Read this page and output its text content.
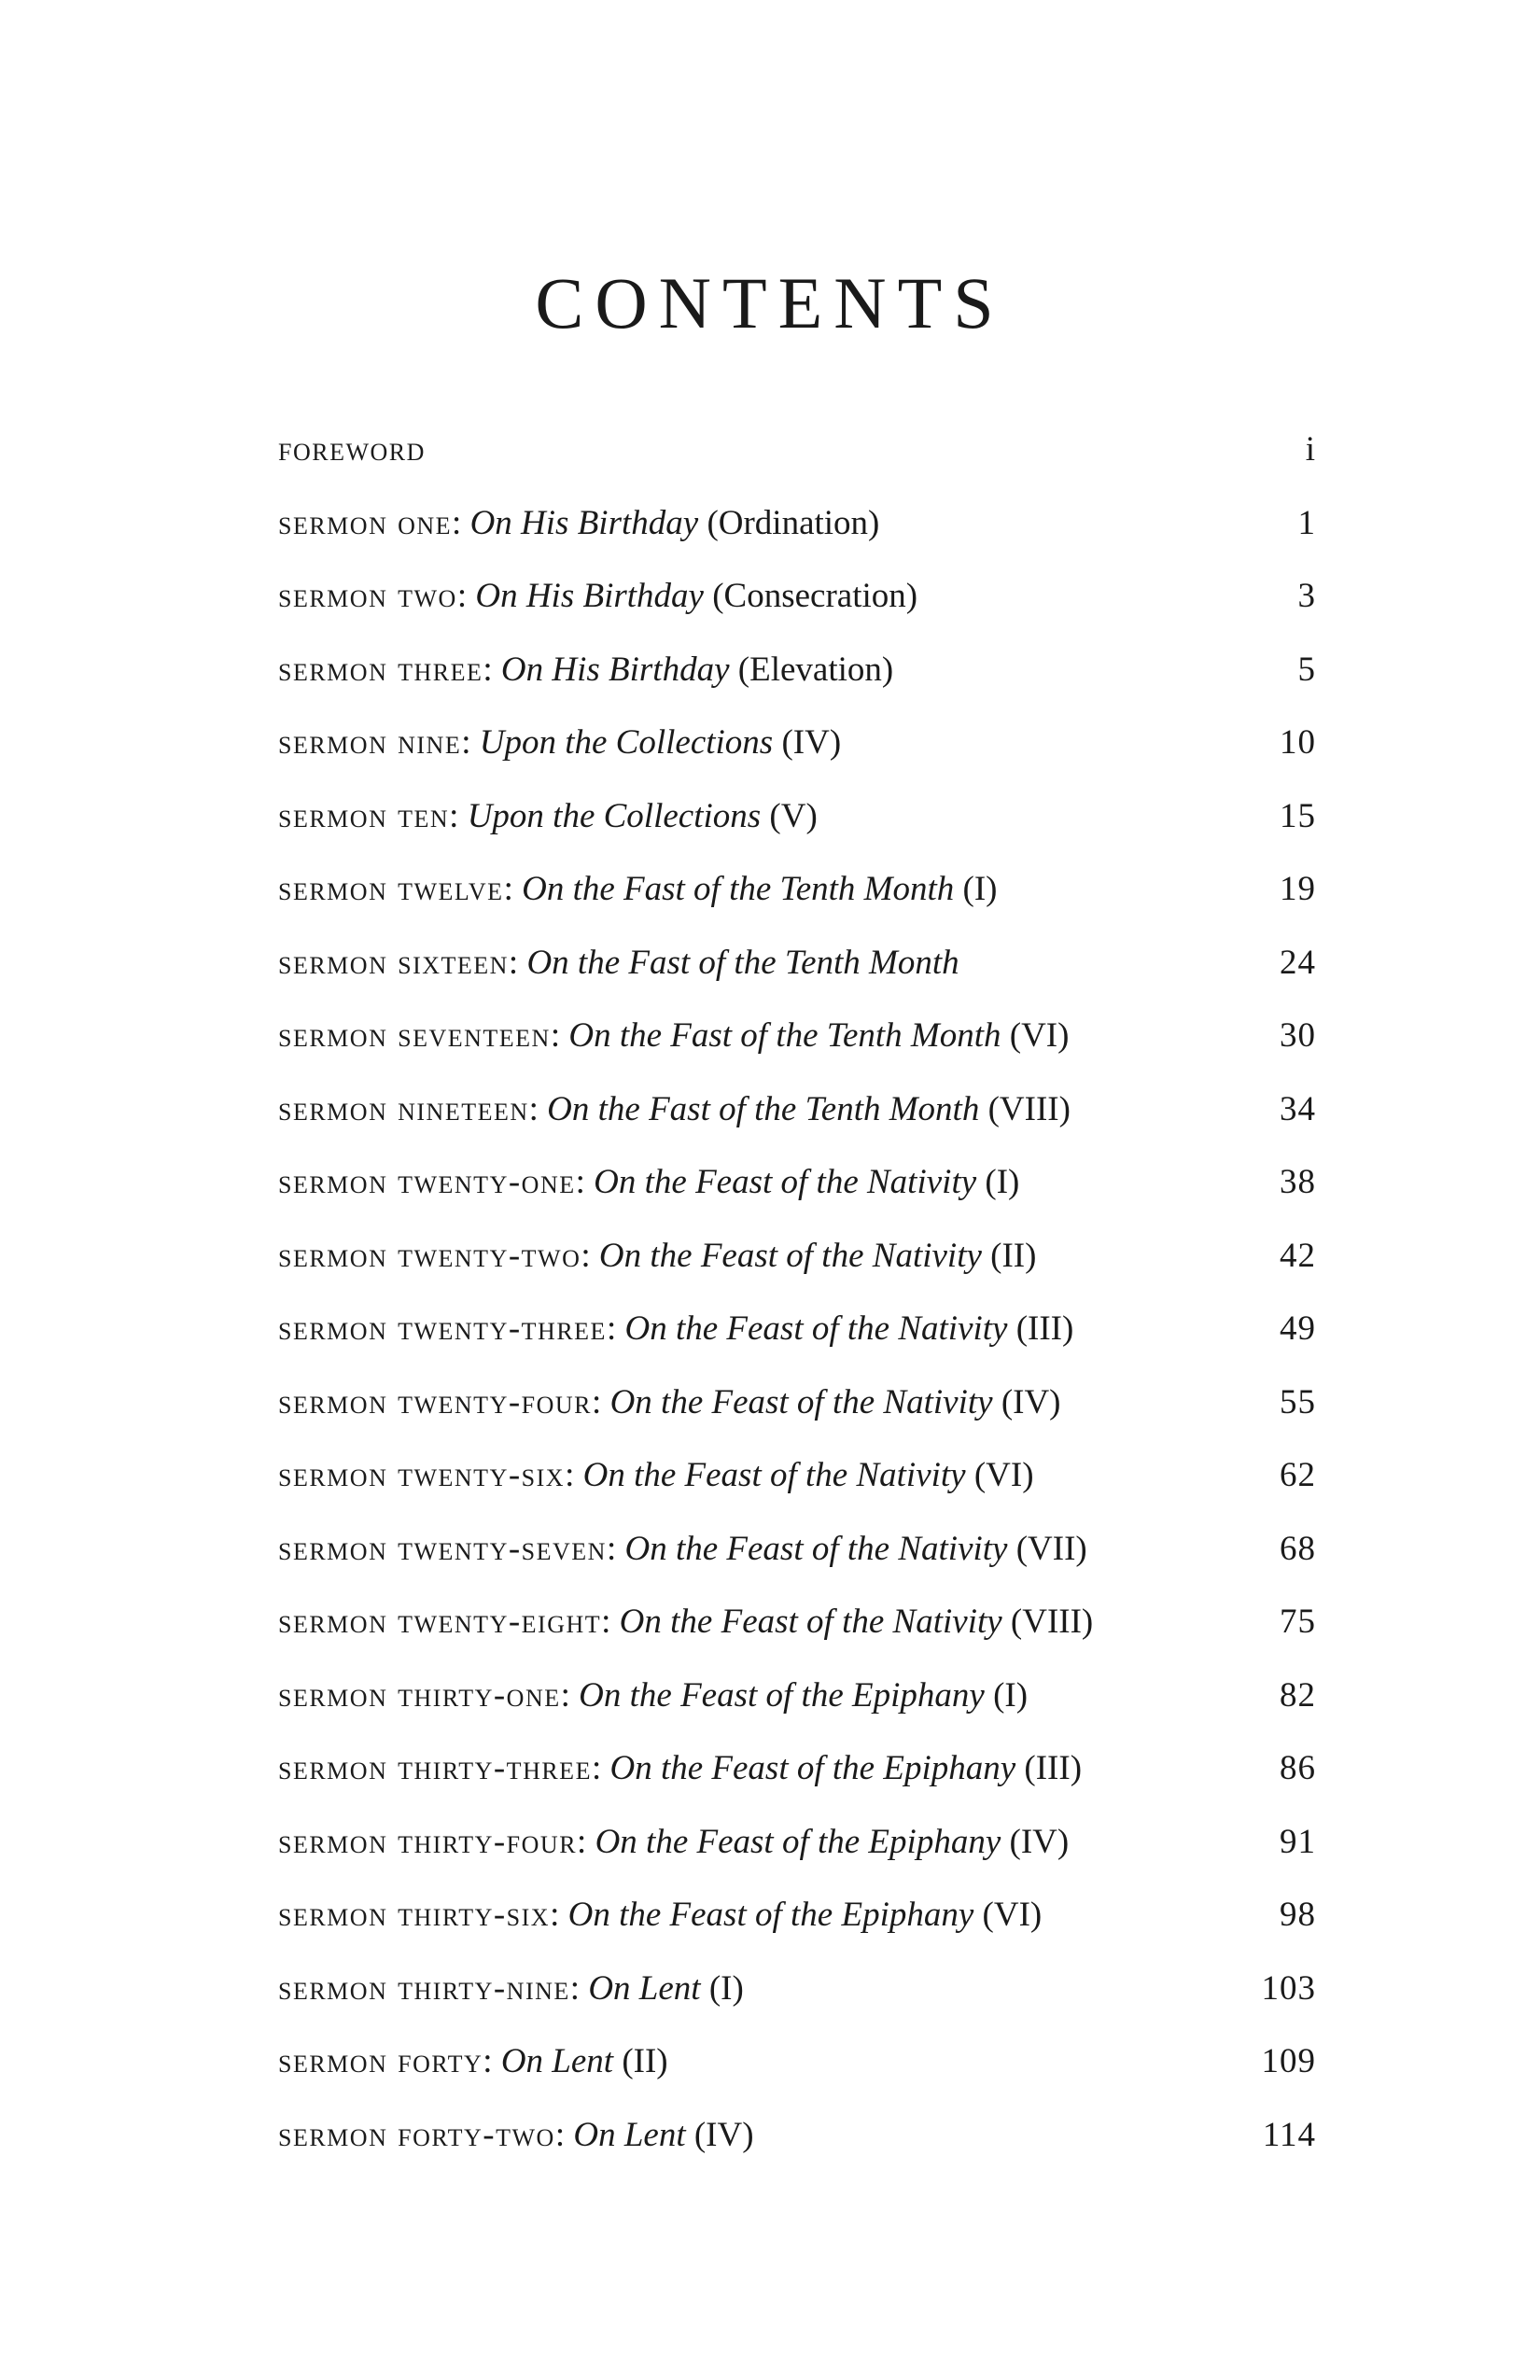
CONTENTS
foreword	i
sermon one: On His Birthday (Ordination)	1
sermon two: On His Birthday (Consecration)	3
sermon three: On His Birthday (Elevation)	5
sermon nine: Upon the Collections (IV)	10
sermon ten: Upon the Collections (V)	15
sermon twelve: On the Fast of the Tenth Month (I)	19
sermon sixteen: On the Fast of the Tenth Month	24
sermon seventeen: On the Fast of the Tenth Month (VI)	30
sermon nineteen: On the Fast of the Tenth Month (VIII)	34
sermon twenty-one: On the Feast of the Nativity (I)	38
sermon twenty-two: On the Feast of the Nativity (II)	42
sermon twenty-three: On the Feast of the Nativity (III)	49
sermon twenty-four: On the Feast of the Nativity (IV)	55
sermon twenty-six: On the Feast of the Nativity (VI)	62
sermon twenty-seven: On the Feast of the Nativity (VII)	68
sermon twenty-eight: On the Feast of the Nativity (VIII)	75
sermon thirty-one: On the Feast of the Epiphany (I)	82
sermon thirty-three: On the Feast of the Epiphany (III)	86
sermon thirty-four: On the Feast of the Epiphany (IV)	91
sermon thirty-six: On the Feast of the Epiphany (VI)	98
sermon thirty-nine: On Lent (I)	103
sermon forty: On Lent (II)	109
sermon forty-two: On Lent (IV)	114
